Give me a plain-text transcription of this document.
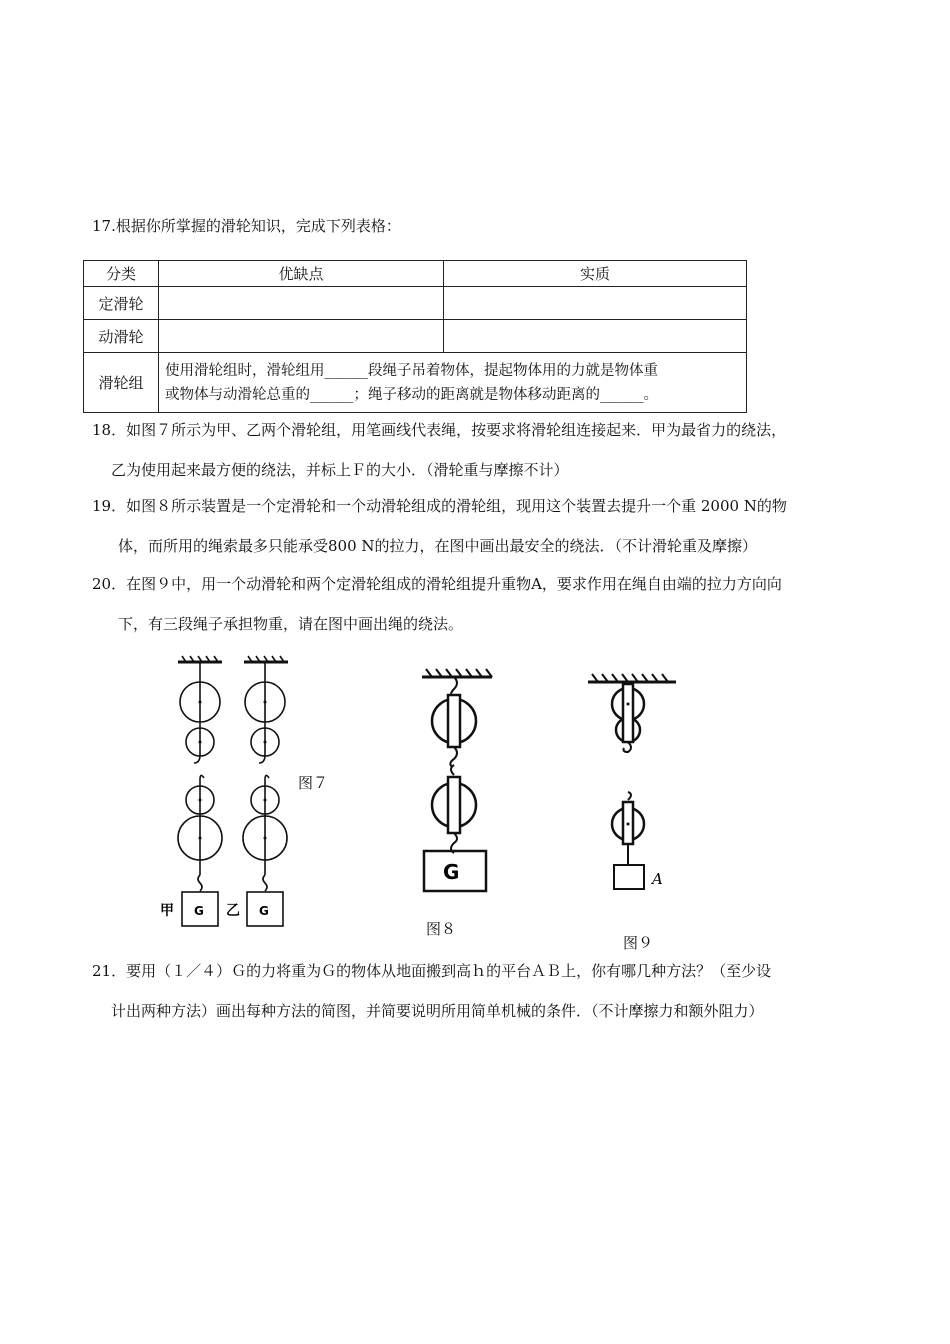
17.根据你所掌握的滑轮知识，完成下列表格：
分类	优缺点	实质
定滑轮		
动滑轮		
滑轮组	使用滑轮组时，滑轮组用______段绳子吊着物体，提起物体用的力就是物体重
或物体与动滑轮总重的______；绳子移动的距离就是物体移动距离的______。	
18．如图７所示为甲、乙两个滑轮组，用笔画线代表绳，按要求将滑轮组连接起来．甲为最省力的绕法，
乙为使用起来最方便的绕法，并标上Ｆ的大小．（滑轮重与摩擦不计）
19．如图８所示装置是一个定滑轮和一个动滑轮组成的滑轮组，现用这个装置去提升一个重 2000 N的物
体，而所用的绳索最多只能承受800 N的拉力，在图中画出最安全的绕法．（不计滑轮重及摩擦）
20．在图９中，用一个动滑轮和两个定滑轮组成的滑轮组提升重物A，要求作用在绳自由端的拉力方向向
下，有三段绳子承担物重，请在图中画出绳的绕法。
甲 G 乙 G
图７
G
图８
A
图９
21．要用（１／４）Ｇ的力将重为Ｇ的物体从地面搬到高ｈ的平台ＡＢ上，你有哪几种方法？（至少设
计出两种方法）画出每种方法的简图，并简要说明所用简单机械的条件．（不计摩擦力和额外阻力）
